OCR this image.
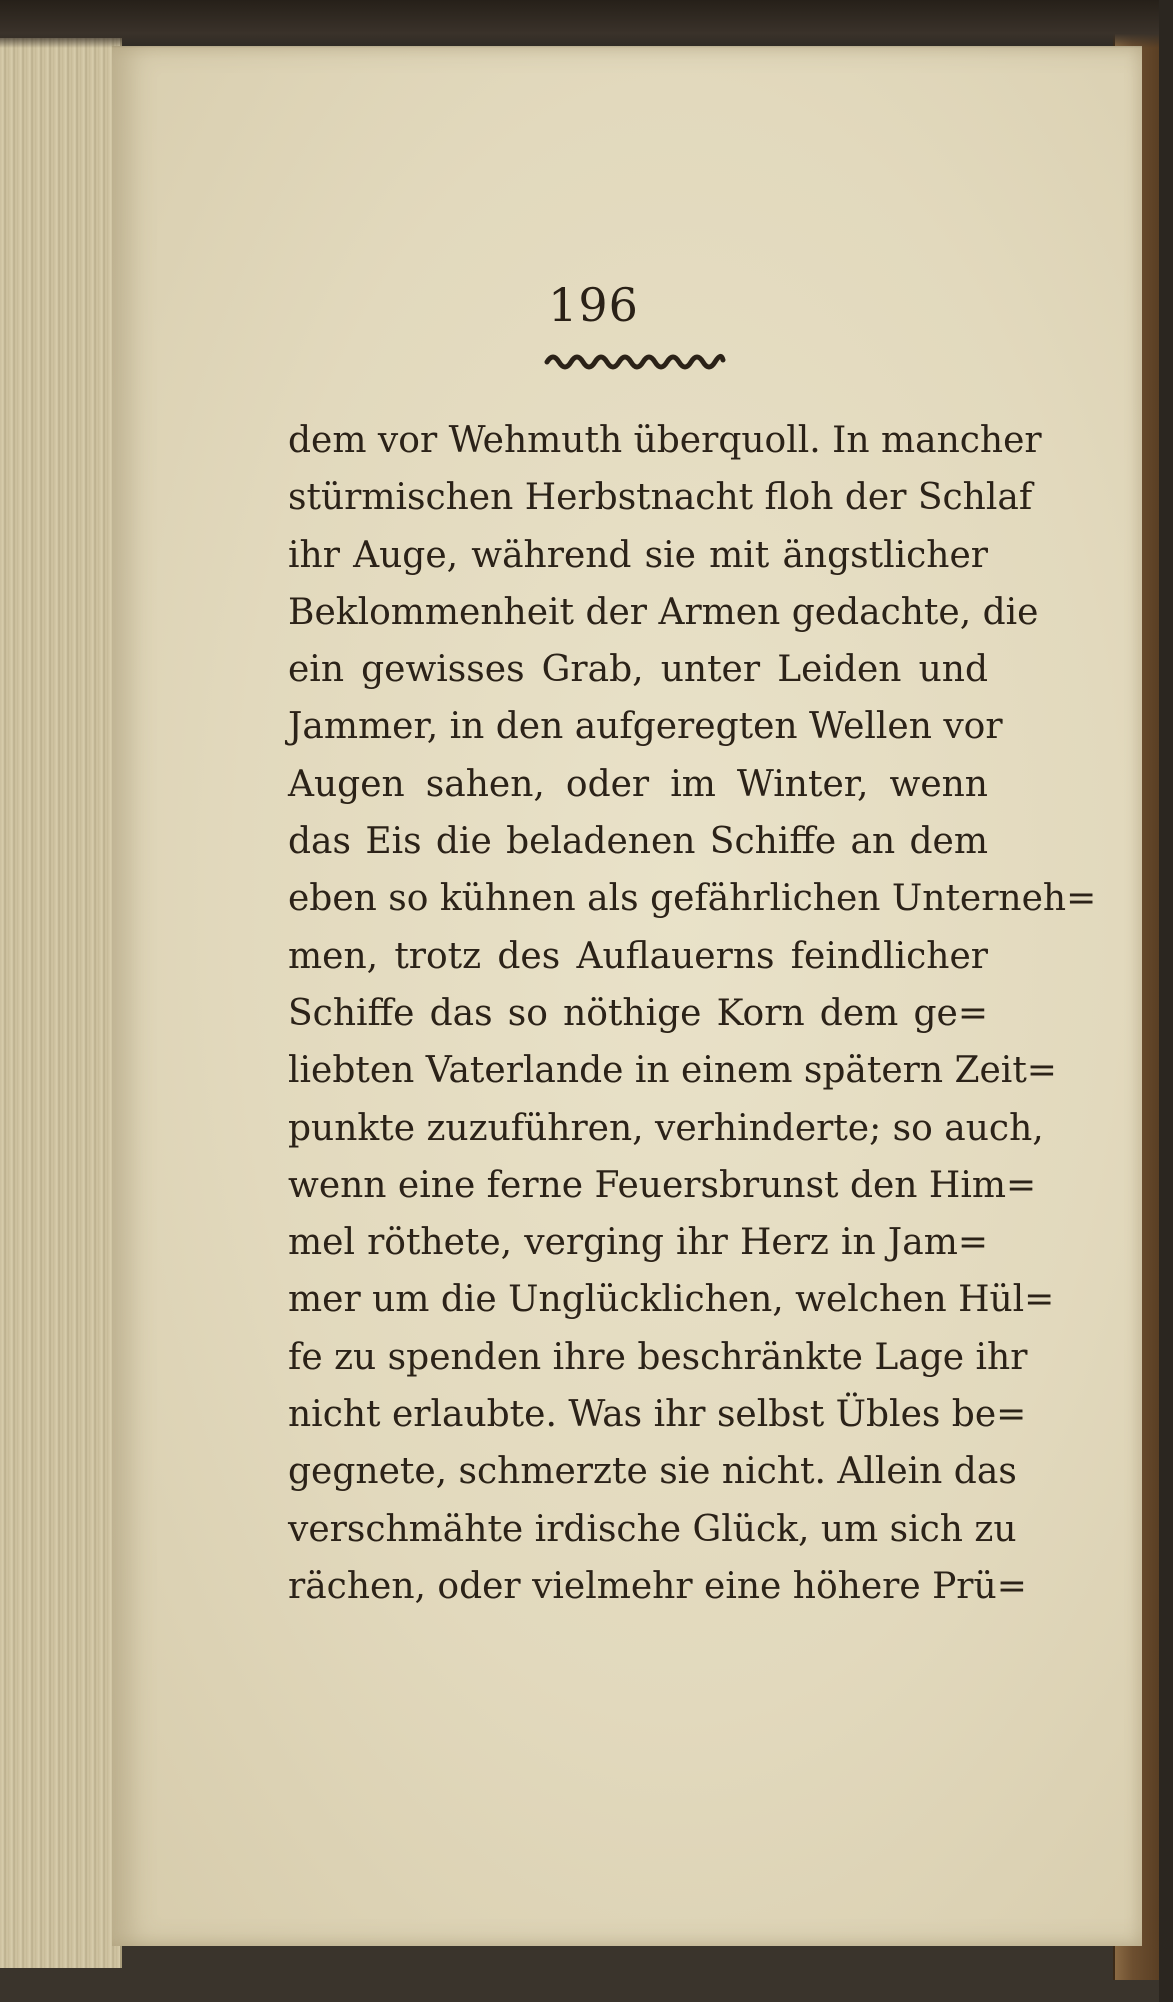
196
dem vor Wehmuth überquoll. In mancher
stürmischen Herbstnacht floh der Schlaf
ihr Auge, während sie mit ängstlicher
Beklommenheit der Armen gedachte, die
ein gewisses Grab, unter Leiden und
Jammer, in den aufgeregten Wellen vor
Augen sahen, oder im Winter, wenn
das Eis die beladenen Schiffe an dem
eben so kühnen als gefährlichen Unterneh=
men, trotz des Auflauerns feindlicher
Schiffe das so nöthige Korn dem ge=
liebten Vaterlande in einem spätern Zeit=
punkte zuzuführen, verhinderte; so auch,
wenn eine ferne Feuersbrunst den Him=
mel röthete, verging ihr Herz in Jam=
mer um die Unglücklichen, welchen Hül=
fe zu spenden ihre beschränkte Lage ihr
nicht erlaubte. Was ihr selbst Übles be=
gegnete, schmerzte sie nicht. Allein das
verschmähte irdische Glück, um sich zu
rächen, oder vielmehr eine höhere Prü=
